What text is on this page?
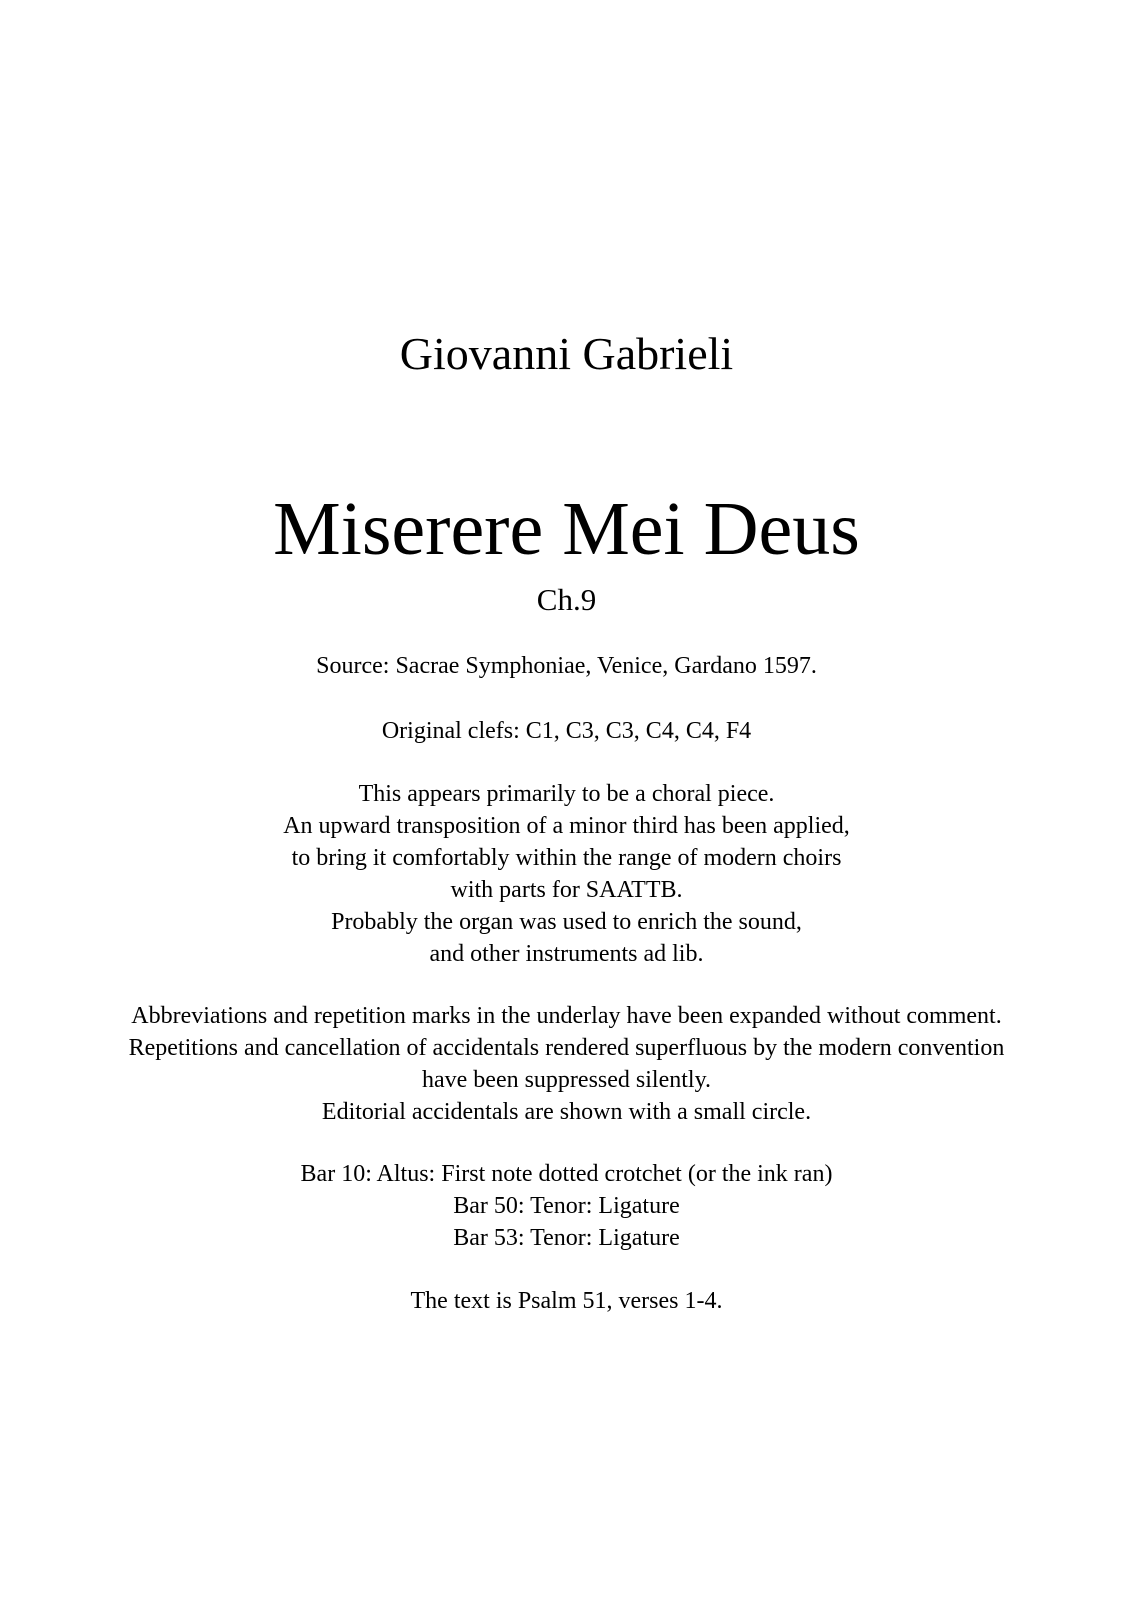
Giovanni Gabrieli
Miserere Mei Deus
Ch.9
Source: Sacrae Symphoniae, Venice, Gardano 1597.
Original clefs: C1, C3, C3, C4, C4, F4
This appears primarily to be a choral piece.
An upward transposition of a minor third has been applied,
to bring it comfortably within the range of modern choirs
with parts for SAATTB.
Probably the organ was used to enrich the sound,
and other instruments ad lib.
Abbreviations and repetition marks in the underlay have been expanded without comment.
Repetitions and cancellation of accidentals rendered superfluous by the modern convention
have been suppressed silently.
Editorial accidentals are shown with a small circle.
Bar 10: Altus: First note dotted crotchet (or the ink ran)
Bar 50: Tenor: Ligature
Bar 53: Tenor: Ligature
The text is Psalm 51, verses 1-4.
